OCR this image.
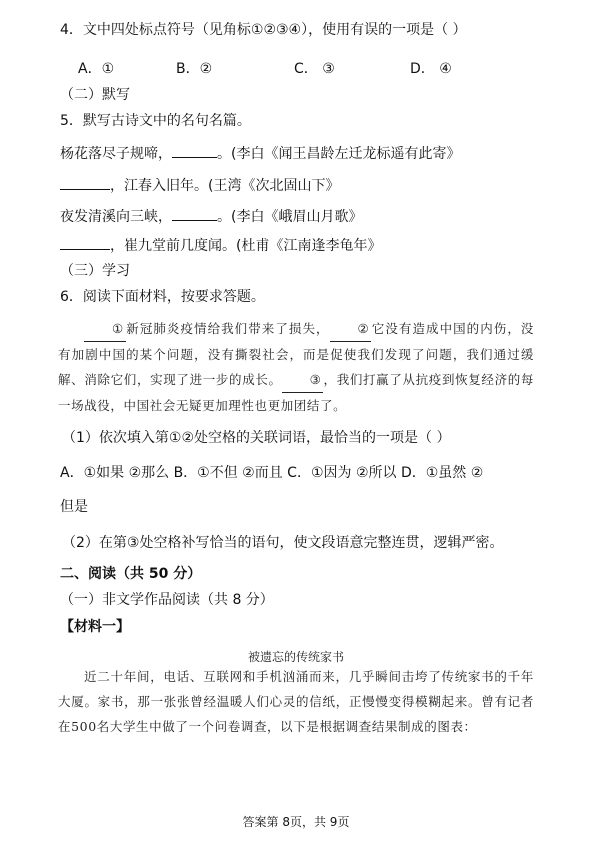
4．文中四处标点符号（见角标①②③④），使用有误的一项是（ ）
A．①	B．②	C． ③	D． ④
（二）默写
5．默写古诗文中的名句名篇。
杨花落尽子规啼，	。(李白《闻王昌龄左迁龙标遥有此寄》
，江春入旧年。(王湾《次北固山下》
夜发清溪向三峡，	。(李白《峨眉山月歌》
，崔九堂前几度闻。(杜甫《江南逢李龟年》
（三）学习
6．阅读下面材料，按要求答题。
① 新冠肺炎疫情给我们带来了损失， ② 它没有造成中国的内伤，没有加剧中国的某个问题，没有撕裂社会，而是促使我们发现了问题，我们通过缓解、消除它们，实现了进一步的成长。 ③ ，我们打赢了从抗疫到恢复经济的每一场战役，中国社会无疑更加理性也更加团结了。
（1）依次填入第①②处空格的关联词语，最恰当的一项是（ ）
A．①如果 ②那么 B．①不但 ②而且 C．①因为 ②所以 D．①虽然 ②
但是
（2）在第③处空格补写恰当的语句，使文段语意完整连贯，逻辑严密。
二、阅读（共 50 分）
（一）非文学作品阅读（共 8 分）
【材料一】
被遗忘的传统家书
近二十年间，电话、互联网和手机汹涌而来，几乎瞬间击垮了传统家书的千年大厦。家书，那一张张曾经温暖人们心灵的信纸，正慢慢变得模糊起来。曾有记者在500名大学生中做了一个问卷调查，以下是根据调查结果制成的图表：
答案第 8页，共 9页
